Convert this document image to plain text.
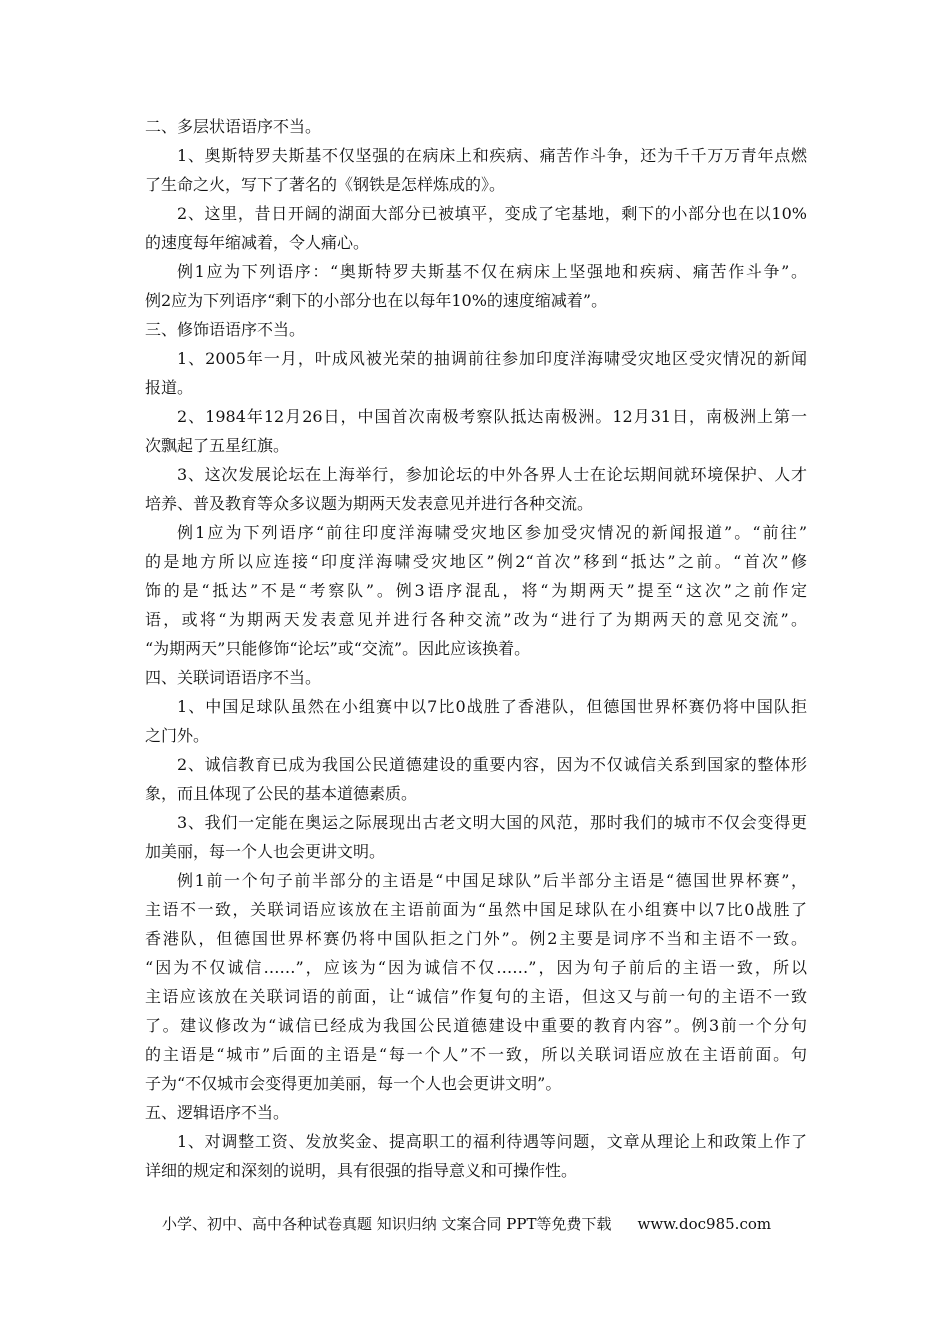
二、多层状语语序不当。
1、奥斯特罗夫斯基不仅坚强的在病床上和疾病、痛苦作斗争，还为千千万万青年点燃
了生命之火，写下了著名的《钢铁是怎样炼成的》。
2、这里，昔日开阔的湖面大部分已被填平，变成了宅基地，剩下的小部分也在以10%
的速度每年缩减着，令人痛心。
例1应为下列语序：“奥斯特罗夫斯基不仅在病床上坚强地和疾病、痛苦作斗争”。
例2应为下列语序“剩下的小部分也在以每年10%的速度缩减着”。
三、修饰语语序不当。
1、2005年一月，叶成风被光荣的抽调前往参加印度洋海啸受灾地区受灾情况的新闻
报道。
2、1984年12月26日，中国首次南极考察队抵达南极洲。12月31日，南极洲上第一
次飘起了五星红旗。
3、这次发展论坛在上海举行，参加论坛的中外各界人士在论坛期间就环境保护、人才
培养、普及教育等众多议题为期两天发表意见并进行各种交流。
例1应为下列语序“前往印度洋海啸受灾地区参加受灾情况的新闻报道”。“前往”
的是地方所以应连接“印度洋海啸受灾地区”例2“首次”移到“抵达”之前。“首次”修
饰的是“抵达”不是“考察队”。例3语序混乱，将“为期两天”提至“这次”之前作定
语，或将“为期两天发表意见并进行各种交流”改为“进行了为期两天的意见交流”。
“为期两天”只能修饰“论坛”或“交流”。因此应该换着。
四、关联词语语序不当。
1、中国足球队虽然在小组赛中以7比0战胜了香港队，但德国世界杯赛仍将中国队拒
之门外。
2、诚信教育已成为我国公民道德建设的重要内容，因为不仅诚信关系到国家的整体形
象，而且体现了公民的基本道德素质。
3、我们一定能在奥运之际展现出古老文明大国的风范，那时我们的城市不仅会变得更
加美丽，每一个人也会更讲文明。
例1前一个句子前半部分的主语是“中国足球队”后半部分主语是“德国世界杯赛”，
主语不一致，关联词语应该放在主语前面为“虽然中国足球队在小组赛中以7比0战胜了
香港队，但德国世界杯赛仍将中国队拒之门外”。例2主要是词序不当和主语不一致。
“因为不仅诚信……”，应该为“因为诚信不仅……”，因为句子前后的主语一致，所以
主语应该放在关联词语的前面，让“诚信”作复句的主语，但这又与前一句的主语不一致
了。建议修改为“诚信已经成为我国公民道德建设中重要的教育内容”。例3前一个分句
的主语是“城市”后面的主语是“每一个人”不一致，所以关联词语应放在主语前面。句
子为“不仅城市会变得更加美丽，每一个人也会更讲文明”。
五、逻辑语序不当。
1、对调整工资、发放奖金、提高职工的福利待遇等问题，文章从理论上和政策上作了
详细的规定和深刻的说明，具有很强的指导意义和可操作性。
小学、初中、高中各种试卷真题 知识归纳 文案合同 PPT等免费下载 www.doc985.com
